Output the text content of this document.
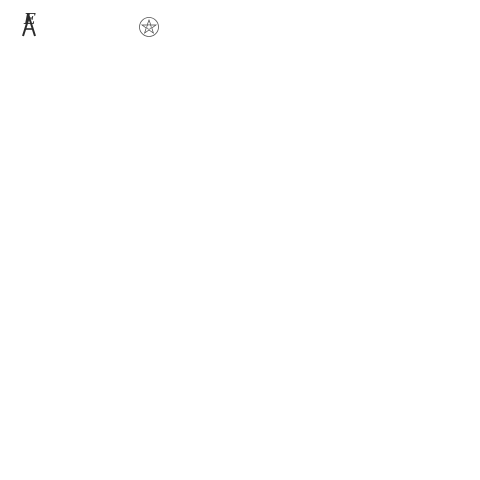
E
